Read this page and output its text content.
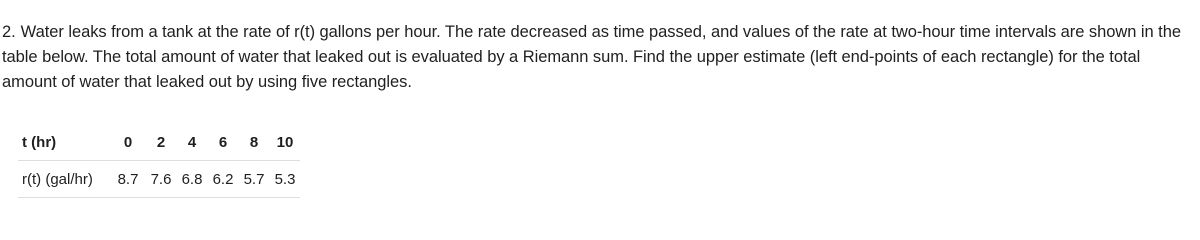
2. Water leaks from a tank at the rate of r(t) gallons per hour. The rate decreased as time passed, and values of the rate at two-hour time intervals are shown in the table below. The total amount of water that leaked out is evaluated by a Riemann sum. Find the upper estimate (left end-points of each rectangle) for the total amount of water that leaked out by using five rectangles.

t (hr)	0	2	4	6	8	10
r(t) (gal/hr)	8.7	7.6	6.8	6.2	5.7	5.3
